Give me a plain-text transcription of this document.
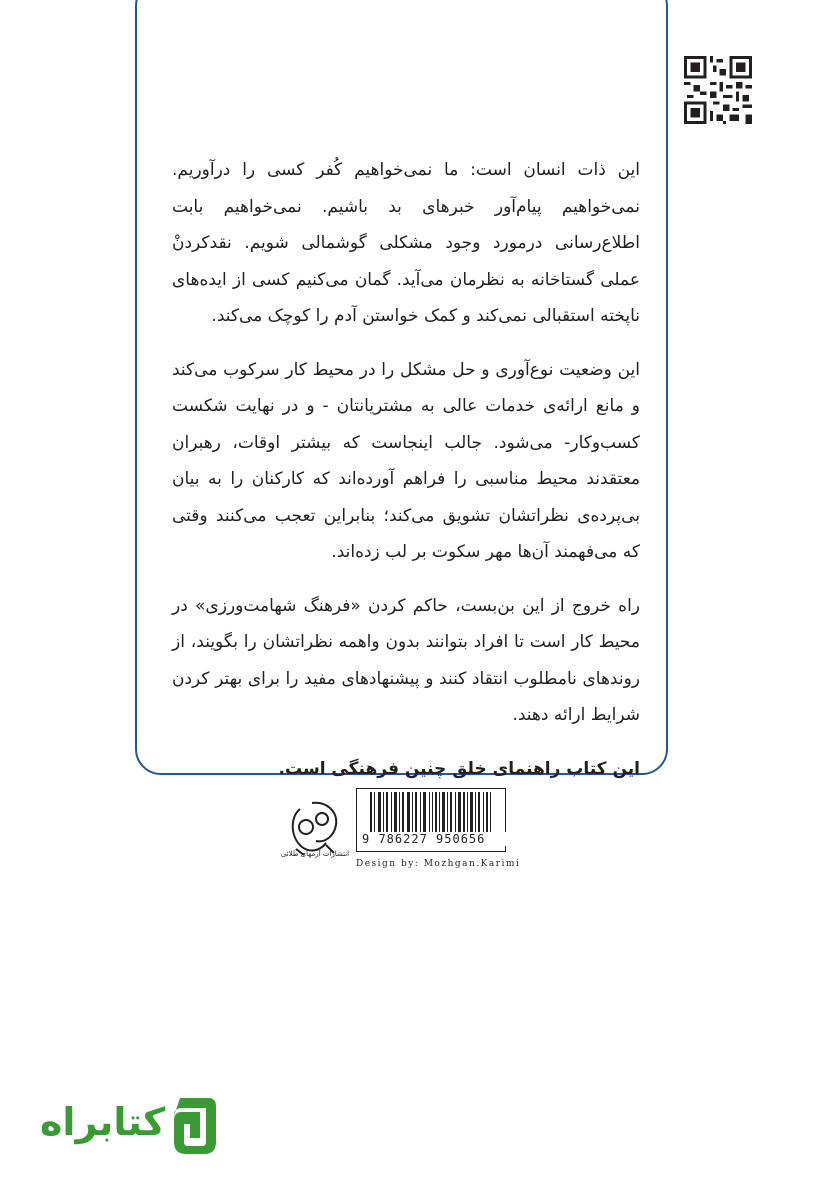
این ذات انسان است: ما نمی‌خواهیم کُفر کسی را درآوریم. نمی‌خواهیم پیام‌آور خبرهای بد باشیم. نمی‌خواهیم بابت اطلاع‌رسانی درمورد وجود مشکلی گوشمالی شویم. نقدکردنْ عملی گستاخانه به نظرمان می‌آید. گمان می‌کنیم کسی از ایده‌های ناپخته استقبالی نمی‌کند و کمک خواستن آدم را کوچک می‌کند.

این وضعیت نوع‌آوری و حل مشکل را در محیط کار سرکوب می‌کند و مانع ارائه‌ی خدمات عالی به مشتریانتان - و در نهایت شکست کسب‌وکار- می‌شود. جالب اینجاست که بیشتر اوقات، رهبران معتقدند محیط مناسبی را فراهم آورده‌اند که کارکنان را به بیان بی‌پرده‌ی نظراتشان تشویق می‌کند؛ بنابراین تعجب می‌کنند وقتی که می‌فهمند آن‌ها مهر سکوت بر لب زده‌اند.

راه خروج از این بن‌بست، حاکم کردن «فرهنگ شهامت‌ورزی» در محیط کار است تا افراد بتوانند بدون واهمه نظراتشان را بگویند، از روندهای نامطلوب انتقاد کنند و پیشنهادهای مفید را برای بهتر کردن شرایط ارائه دهند.

این کتاب راهنمای خلق چنین فرهنگی است.

انتشارات آزمهای طلائی
9 786227 950656
Design by: Mozhgan.Karimi
کتابراه
